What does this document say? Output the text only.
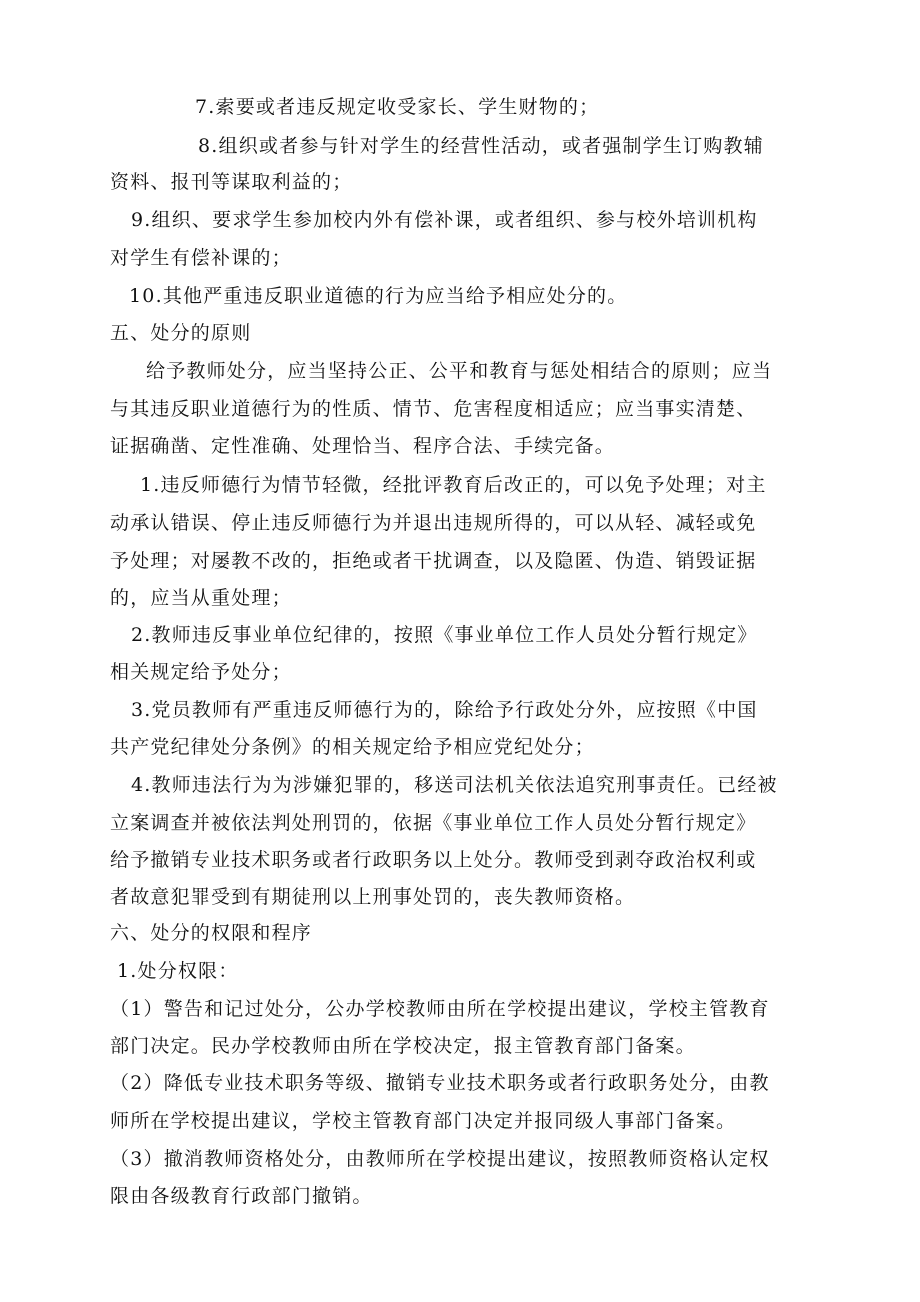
7.索要或者违反规定收受家长、学生财物的；
8.组织或者参与针对学生的经营性活动，或者强制学生订购教辅
资料、报刊等谋取利益的；
9.组织、要求学生参加校内外有偿补课，或者组织、参与校外培训机构
对学生有偿补课的；
10.其他严重违反职业道德的行为应当给予相应处分的。
五、处分的原则
给予教师处分，应当坚持公正、公平和教育与惩处相结合的原则；应当
与其违反职业道德行为的性质、情节、危害程度相适应；应当事实清楚、
证据确凿、定性准确、处理恰当、程序合法、手续完备。
1.违反师德行为情节轻微，经批评教育后改正的，可以免予处理；对主
动承认错误、停止违反师德行为并退出违规所得的，可以从轻、减轻或免
予处理；对屡教不改的，拒绝或者干扰调查，以及隐匿、伪造、销毁证据
的，应当从重处理；
2.教师违反事业单位纪律的，按照《事业单位工作人员处分暂行规定》
相关规定给予处分；
3.党员教师有严重违反师德行为的，除给予行政处分外，应按照《中国
共产党纪律处分条例》的相关规定给予相应党纪处分；
4.教师违法行为为涉嫌犯罪的，移送司法机关依法追究刑事责任。已经被
立案调查并被依法判处刑罚的，依据《事业单位工作人员处分暂行规定》
给予撤销专业技术职务或者行政职务以上处分。教师受到剥夺政治权利或
者故意犯罪受到有期徒刑以上刑事处罚的，丧失教师资格。
六、处分的权限和程序
1.处分权限：
（1）警告和记过处分，公办学校教师由所在学校提出建议，学校主管教育
部门决定。民办学校教师由所在学校决定，报主管教育部门备案。
（2）降低专业技术职务等级、撤销专业技术职务或者行政职务处分，由教
师所在学校提出建议，学校主管教育部门决定并报同级人事部门备案。
（3）撤消教师资格处分，由教师所在学校提出建议，按照教师资格认定权
限由各级教育行政部门撤销。
